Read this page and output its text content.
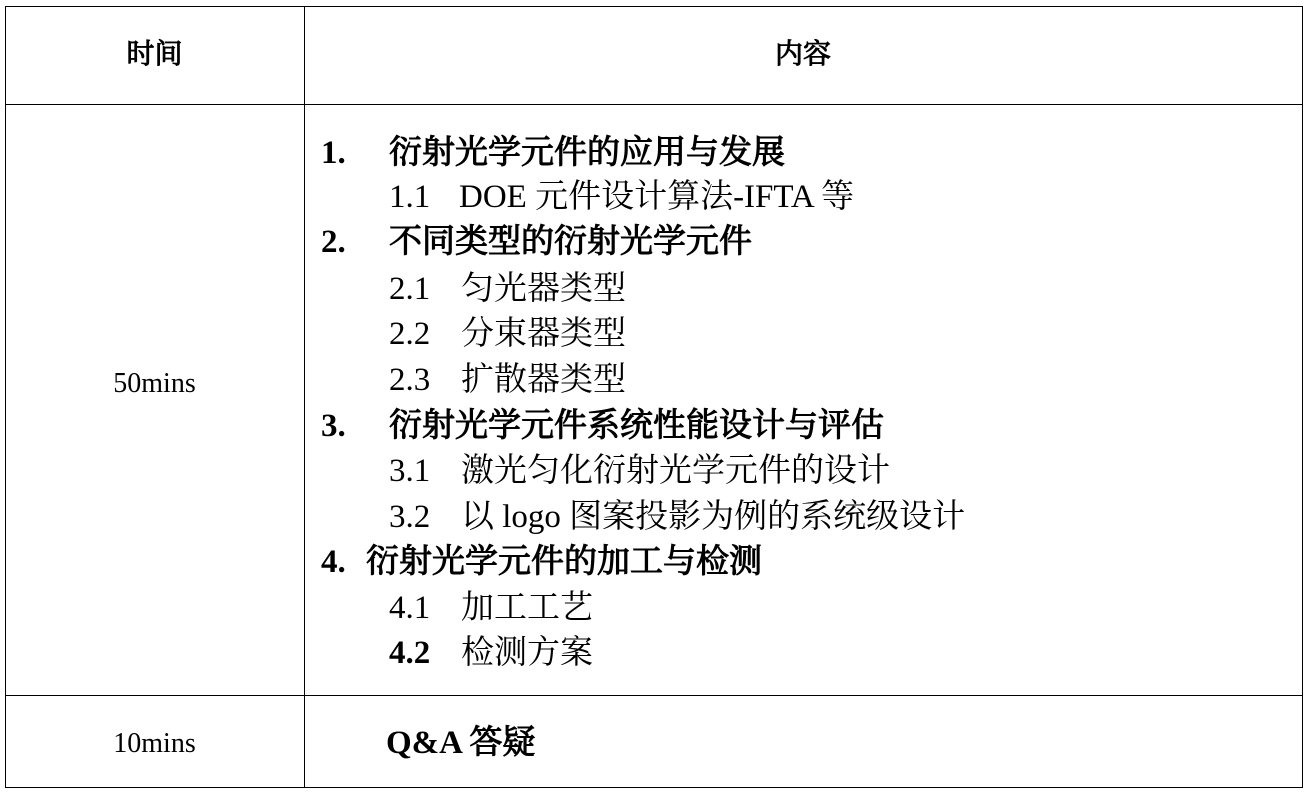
时间	内容
50mins
1. 衍射光学元件的应用与发展
1.1 DOE 元件设计算法-IFTA 等
2. 不同类型的衍射光学元件
2.1 匀光器类型
2.2 分束器类型
2.3 扩散器类型
3. 衍射光学元件系统性能设计与评估
3.1 激光匀化衍射光学元件的设计
3.2 以 logo 图案投影为例的系统级设计
4. 衍射光学元件的加工与检测
4.1 加工工艺
4.2 检测方案
10mins	Q&A 答疑
